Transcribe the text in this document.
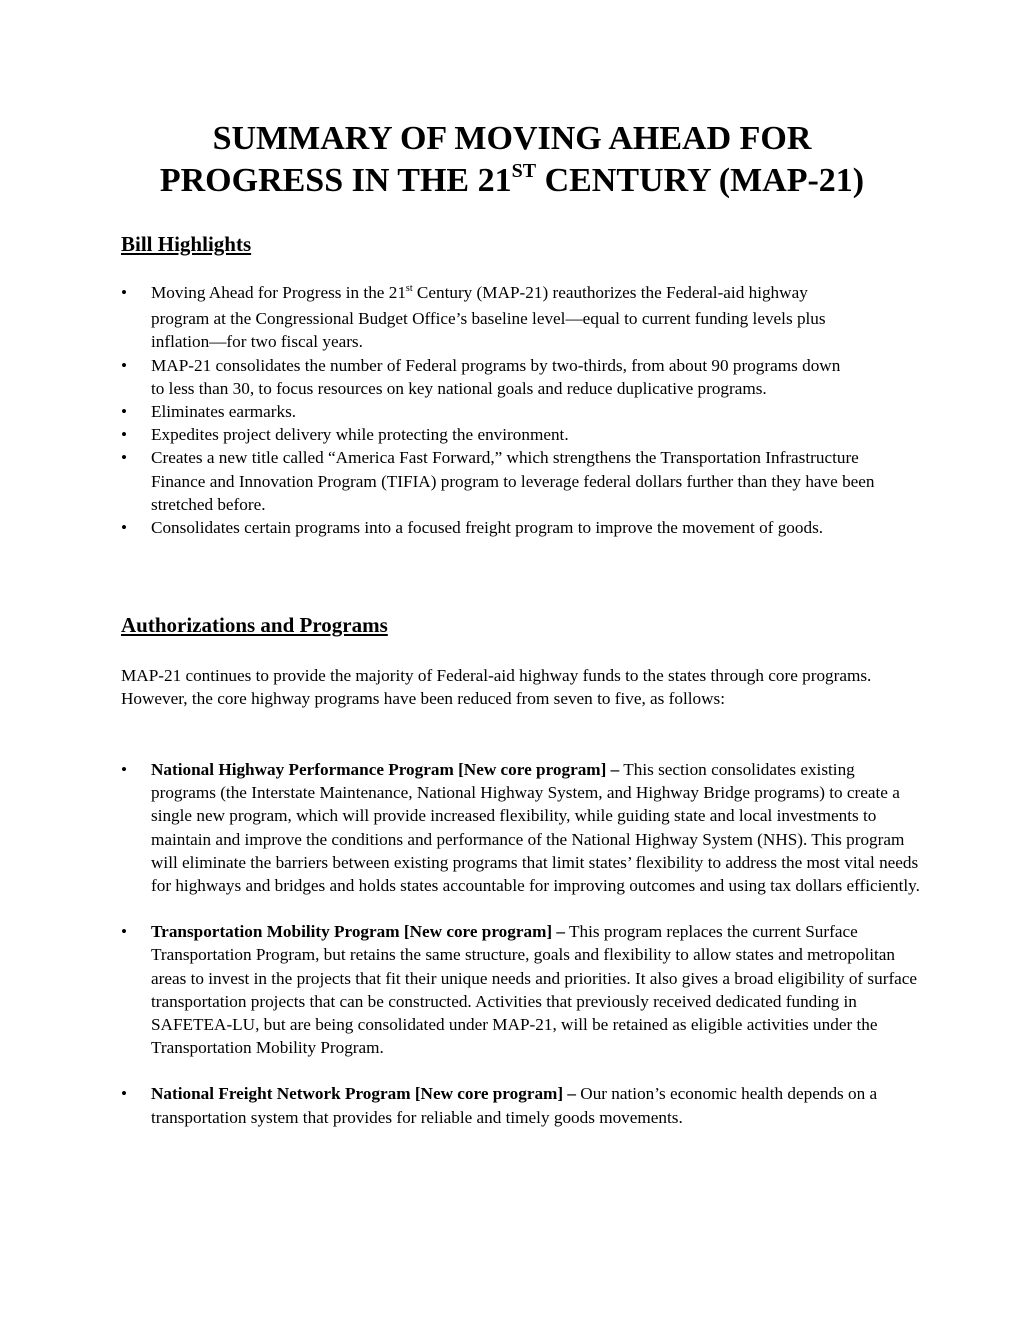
SUMMARY OF MOVING AHEAD FOR
PROGRESS IN THE 21ST CENTURY (MAP-21)
Bill Highlights
• Moving Ahead for Progress in the 21st Century (MAP-21) reauthorizes the Federal-aid highway program at the Congressional Budget Office’s baseline level—equal to current funding levels plus inflation—for two fiscal years.
• MAP-21 consolidates the number of Federal programs by two-thirds, from about 90 programs down to less than 30, to focus resources on key national goals and reduce duplicative programs.
• Eliminates earmarks.
• Expedites project delivery while protecting the environment.
• Creates a new title called “America Fast Forward,” which strengthens the Transportation Infrastructure Finance and Innovation Program (TIFIA) program to leverage federal dollars further than they have been stretched before.
• Consolidates certain programs into a focused freight program to improve the movement of goods.
Authorizations and Programs

MAP-21 continues to provide the majority of Federal-aid highway funds to the states through core programs. However, the core highway programs have been reduced from seven to five, as follows:

• National Highway Performance Program [New core program] – This section consolidates existing programs (the Interstate Maintenance, National Highway System, and Highway Bridge programs) to create a single new program, which will provide increased flexibility, while guiding state and local investments to maintain and improve the conditions and performance of the National Highway System (NHS). This program will eliminate the barriers between existing programs that limit states’ flexibility to address the most vital needs for highways and bridges and holds states accountable for improving outcomes and using tax dollars efficiently.
• Transportation Mobility Program [New core program] – This program replaces the current Surface Transportation Program, but retains the same structure, goals and flexibility to allow states and metropolitan areas to invest in the projects that fit their unique needs and priorities. It also gives a broad eligibility of surface transportation projects that can be constructed. Activities that previously received dedicated funding in SAFETEA-LU, but are being consolidated under MAP-21, will be retained as eligible activities under the Transportation Mobility Program.
• National Freight Network Program [New core program] – Our nation’s economic health depends on a transportation system that provides for reliable and timely goods movements.
